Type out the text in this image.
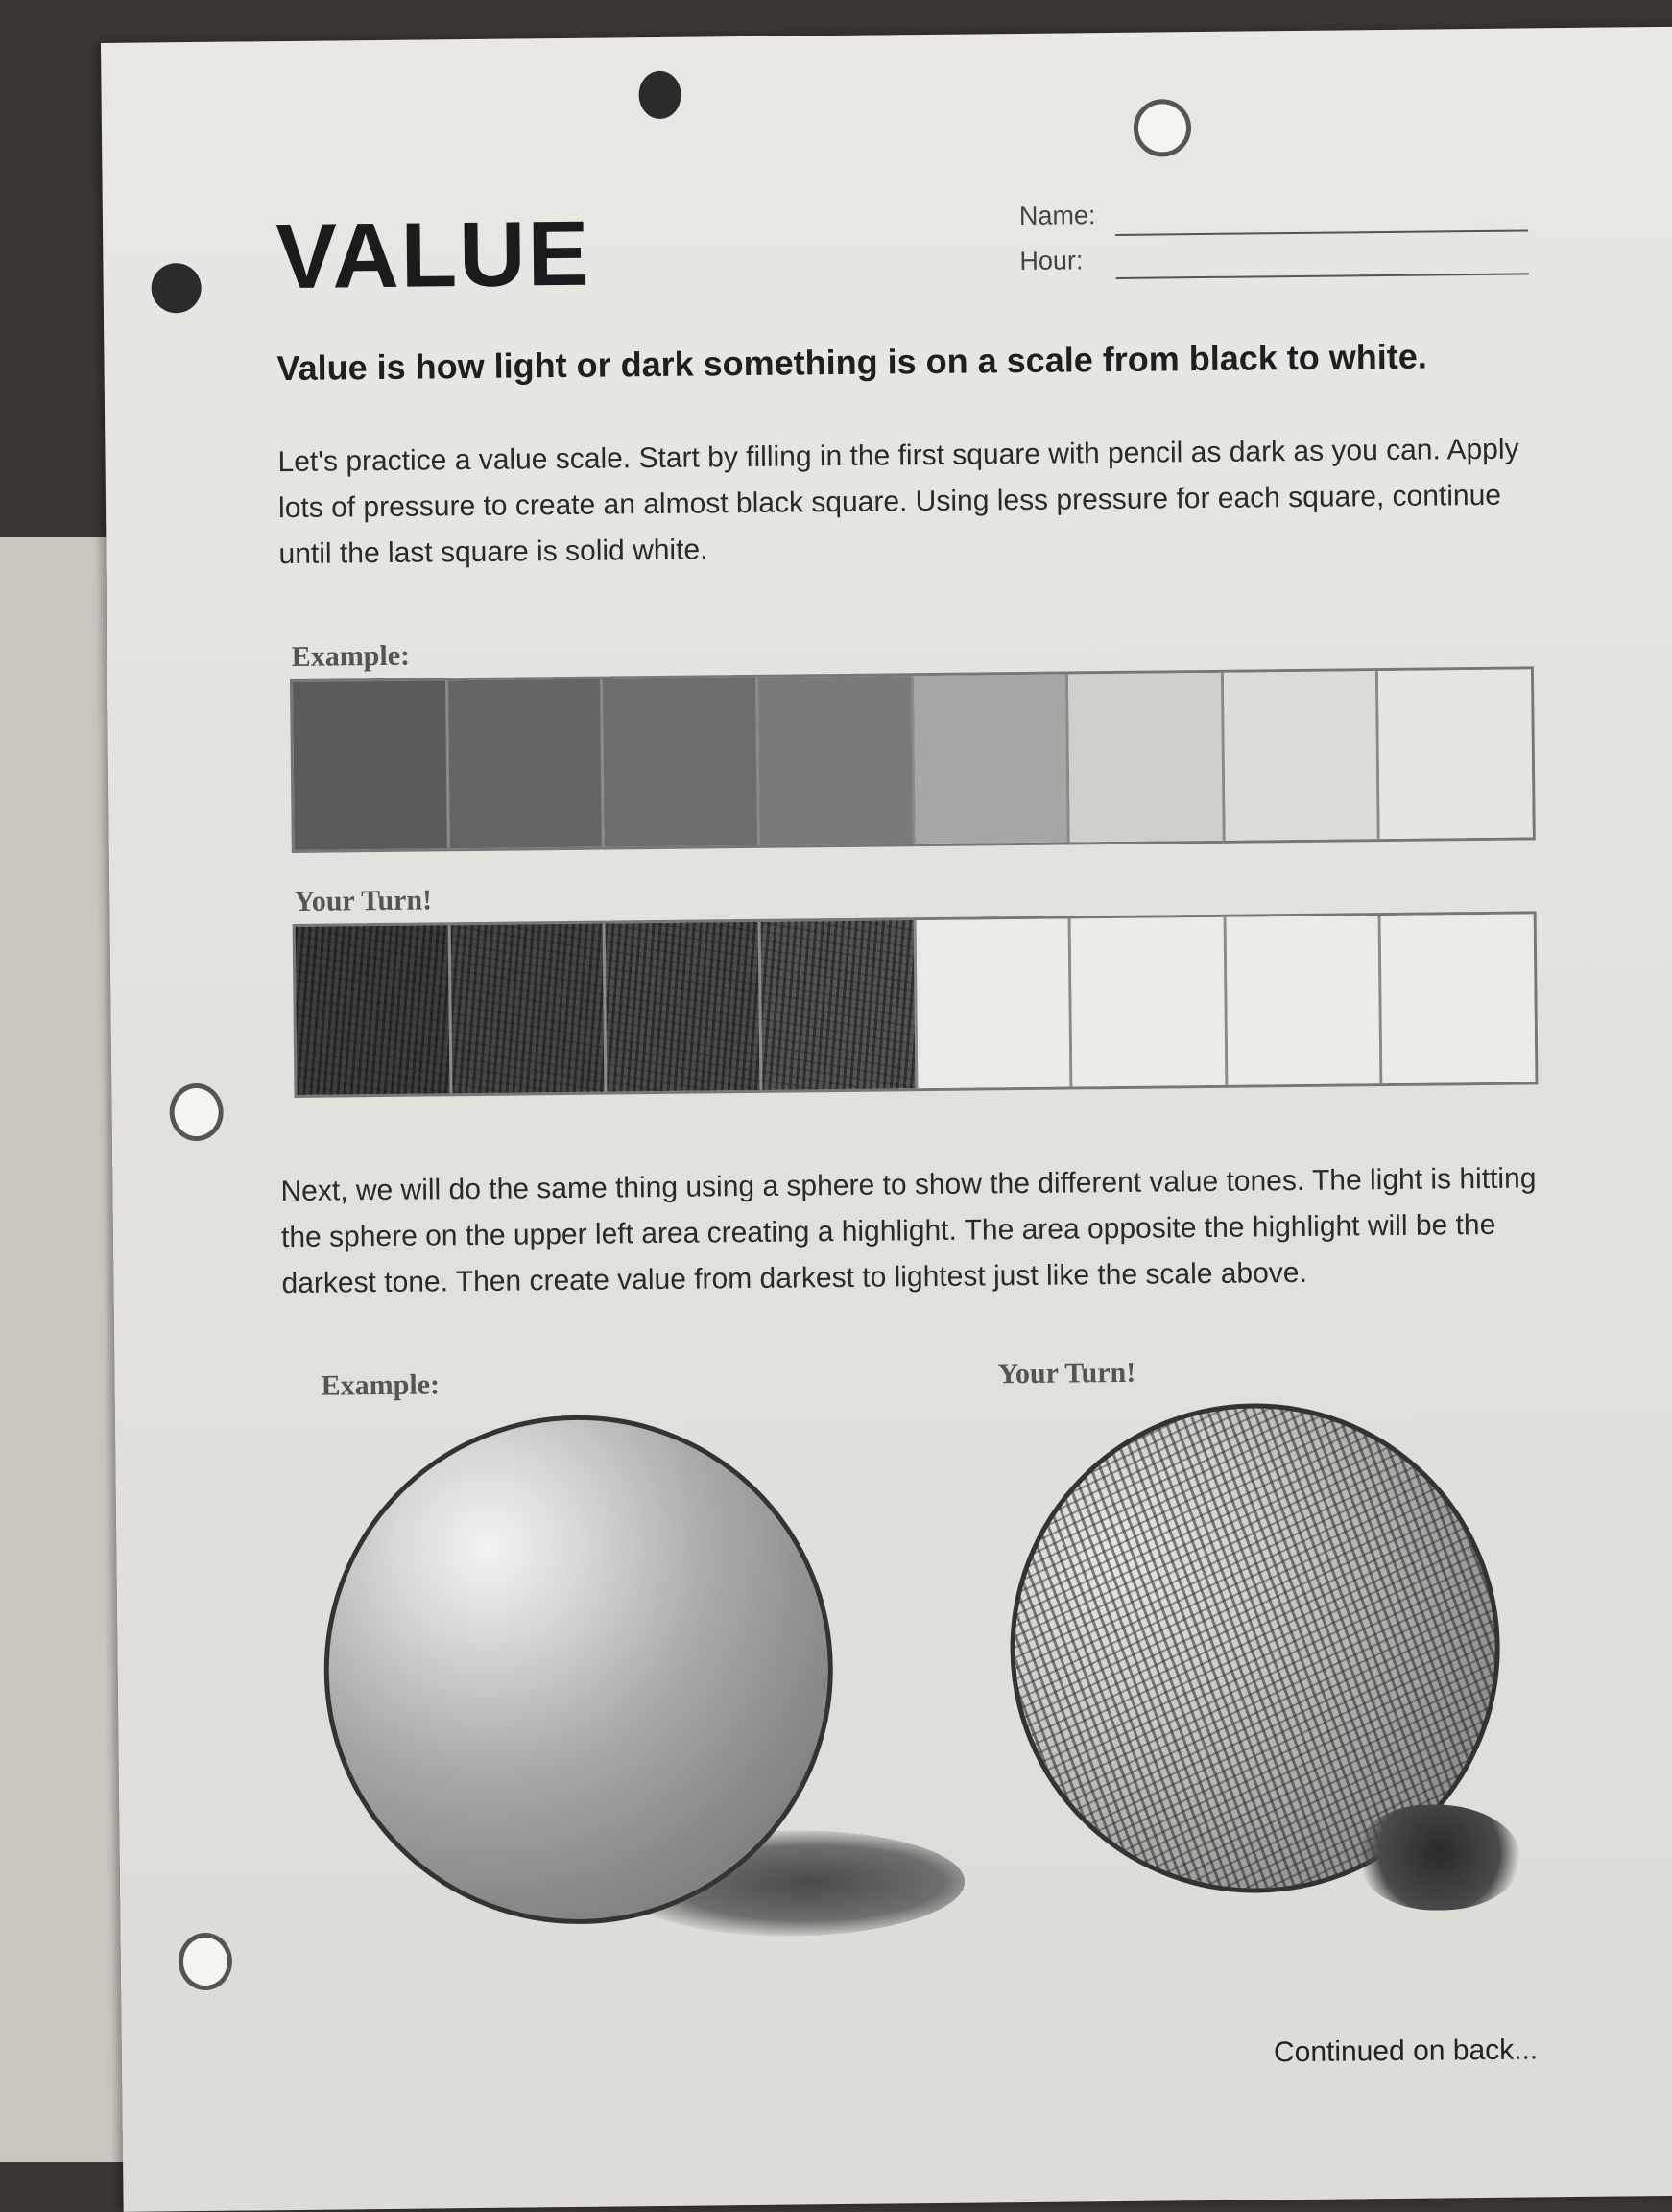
VALUE	Name:
Hour:
Value is how light or dark something is on a scale from black to white.
Let's practice a value scale. Start by filling in the first square with pencil as dark as you can. Apply lots of pressure to create an almost black square. Using less pressure for each square, continue until the last square is solid white.
Example:
Your Turn!
Next, we will do the same thing using a sphere to show the different value tones. The light is hitting the sphere on the upper left area creating a highlight. The area opposite the highlight will be the darkest tone. Then create value from darkest to lightest just like the scale above.
Example:	Your Turn!
Continued on back...
